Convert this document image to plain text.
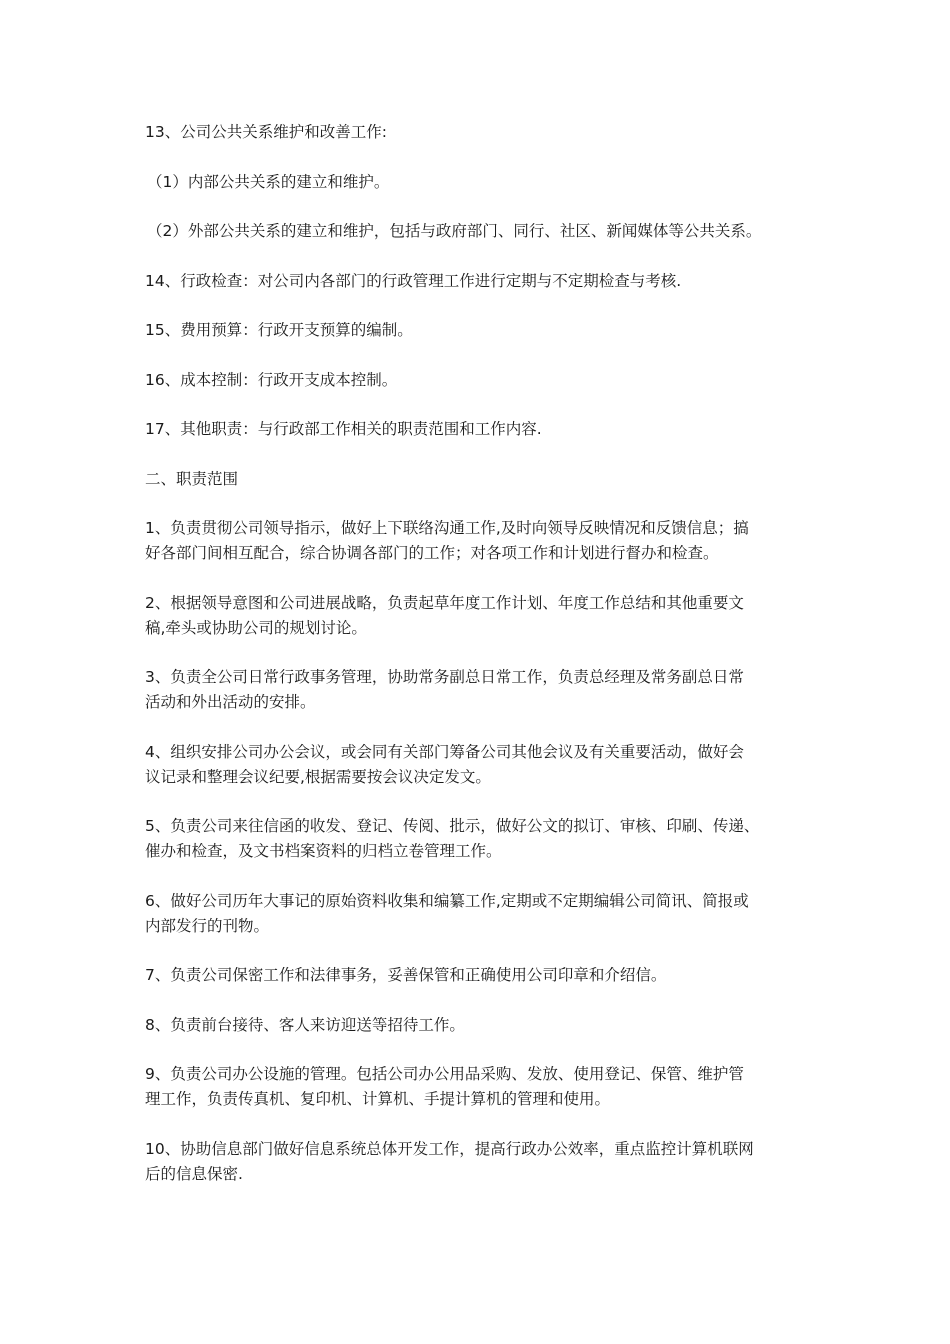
13、公司公共关系维护和改善工作:

（1）内部公共关系的建立和维护。

（2）外部公共关系的建立和维护，包括与政府部门、同行、社区、新闻媒体等公共关系。

14、行政检查：对公司内各部门的行政管理工作进行定期与不定期检查与考核.

15、费用预算：行政开支预算的编制。

16、成本控制：行政开支成本控制。

17、其他职责：与行政部工作相关的职责范围和工作内容.

二、职责范围

1、负责贯彻公司领导指示，做好上下联络沟通工作,及时向领导反映情况和反馈信息；搞
好各部门间相互配合，综合协调各部门的工作；对各项工作和计划进行督办和检查。

2、根据领导意图和公司进展战略，负责起草年度工作计划、年度工作总结和其他重要文
稿,牵头或协助公司的规划讨论。

3、负责全公司日常行政事务管理，协助常务副总日常工作，负责总经理及常务副总日常
活动和外出活动的安排。

4、组织安排公司办公会议，或会同有关部门筹备公司其他会议及有关重要活动，做好会
议记录和整理会议纪要,根据需要按会议决定发文。

5、负责公司来往信函的收发、登记、传阅、批示，做好公文的拟订、审核、印刷、传递、
催办和检查，及文书档案资料的归档立卷管理工作。

6、做好公司历年大事记的原始资料收集和编纂工作,定期或不定期编辑公司简讯、简报或
内部发行的刊物。

7、负责公司保密工作和法律事务，妥善保管和正确使用公司印章和介绍信。

8、负责前台接待、客人来访迎送等招待工作。

9、负责公司办公设施的管理。包括公司办公用品采购、发放、使用登记、保管、维护管
理工作，负责传真机、复印机、计算机、手提计算机的管理和使用。

10、协助信息部门做好信息系统总体开发工作，提高行政办公效率，重点监控计算机联网
后的信息保密.
